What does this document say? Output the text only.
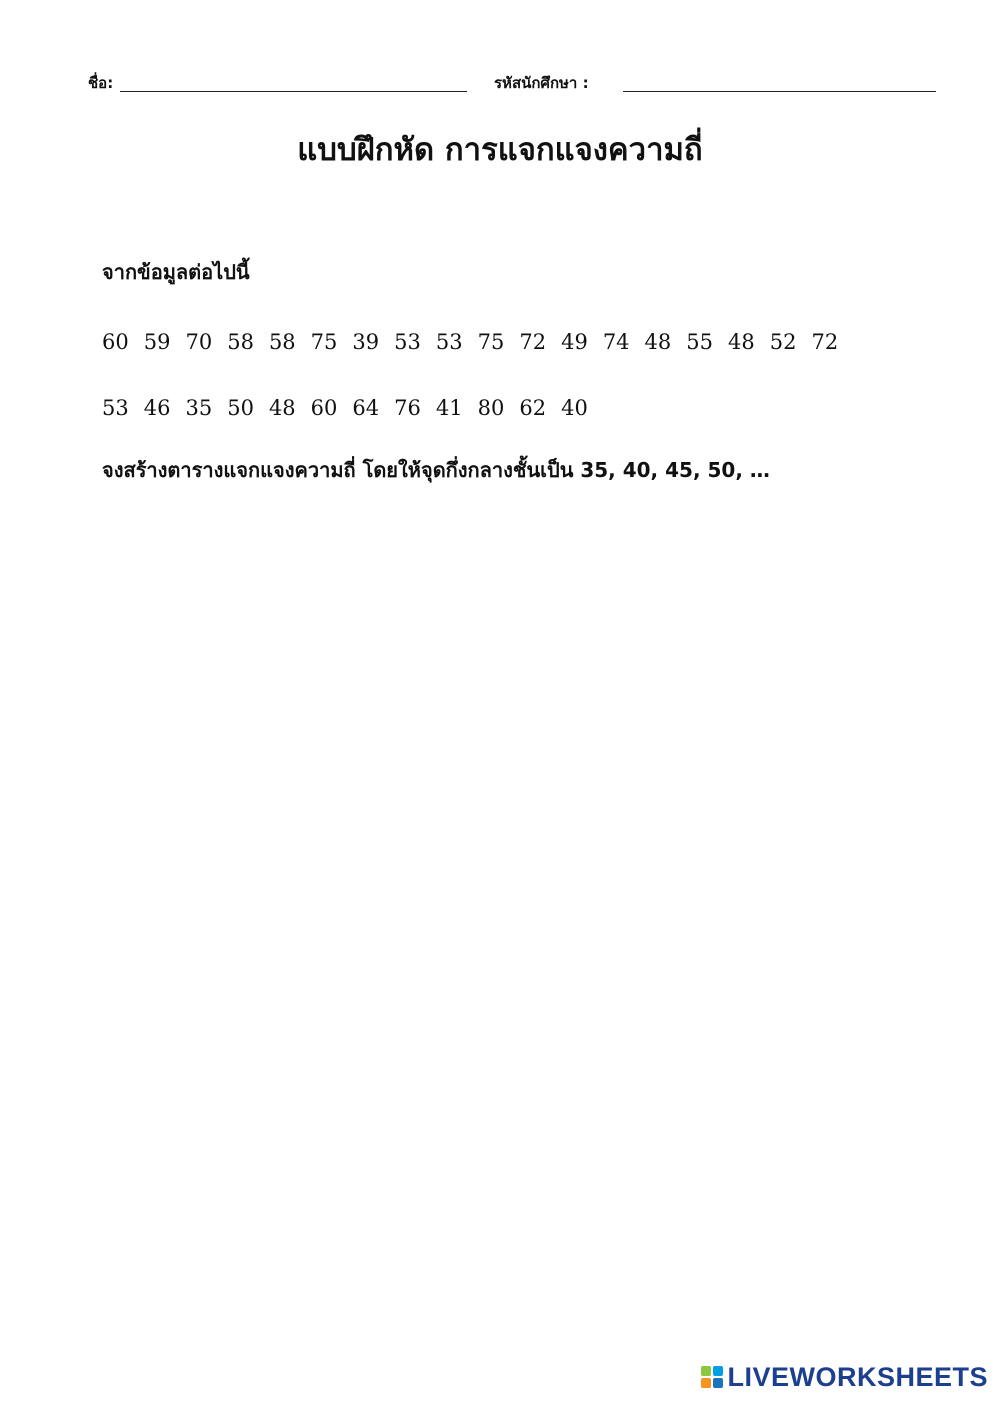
ชื่อ:	รหัสนักศึกษา :
แบบฝึกหัด การแจกแจงความถี่
จากข้อมูลต่อไปนี้
60 59 70 58 58 75 39 53 53 75 72 49 74 48 55 48 52 72
53 46 35 50 48 60 64 76 41 80 62 40
จงสร้างตารางแจกแจงความถี่ โดยให้จุดกึ่งกลางชั้นเป็น 35, 40, 45, 50, …
LIVEWORKSHEETS
